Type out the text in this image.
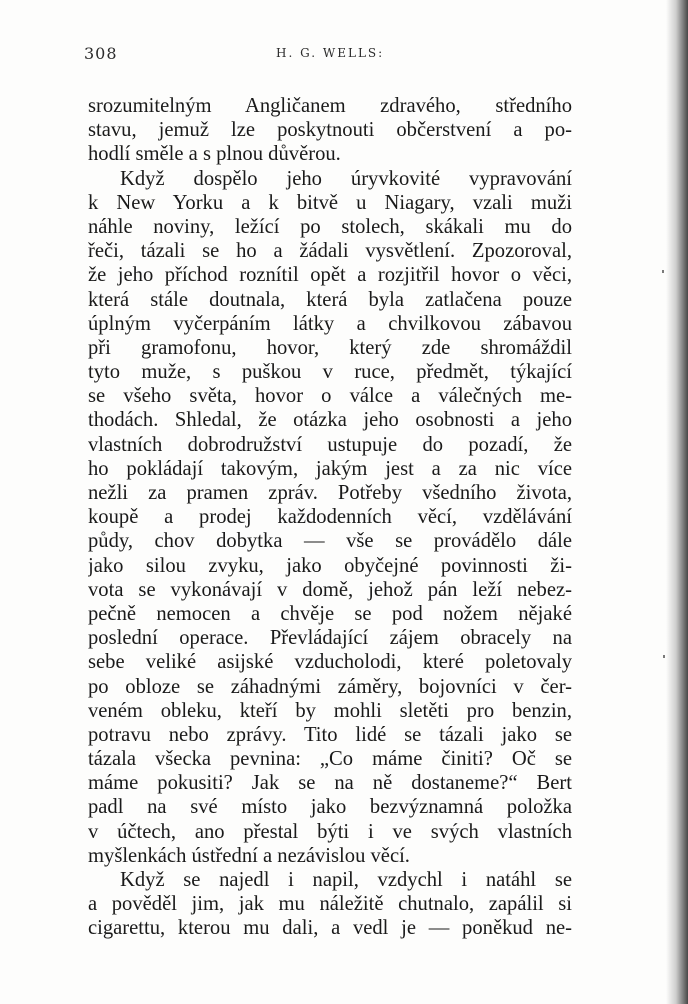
308	H. G. WELLS:
srozumitelným Angličanem zdravého, středního
stavu, jemuž lze poskytnouti občerstvení a po-
hodlí směle a s plnou důvěrou.
Když dospělo jeho úryvkovité vypravování
k New Yorku a k bitvě u Niagary, vzali muži
náhle noviny, ležící po stolech, skákali mu do
řeči, tázali se ho a žádali vysvětlení. Zpozoroval,
že jeho příchod roznítil opět a rozjitřil hovor o věci,
která stále doutnala, která byla zatlačena pouze
úplným vyčerpáním látky a chvilkovou zábavou
při gramofonu, hovor, který zde shromáždil
tyto muže, s puškou v ruce, předmět, týkající
se všeho světa, hovor o válce a válečných me-
thodách. Shledal, že otázka jeho osobnosti a jeho
vlastních dobrodružství ustupuje do pozadí, že
ho pokládají takovým, jakým jest a za nic více
nežli za pramen zpráv. Potřeby všedního života,
koupě a prodej každodenních věcí, vzdělávání
půdy, chov dobytka — vše se provádělo dále
jako silou zvyku, jako obyčejné povinnosti ži-
vota se vykonávají v domě, jehož pán leží nebez-
pečně nemocen a chvěje se pod nožem nějaké
poslední operace. Převládající zájem obracely na
sebe veliké asijské vzducholodi, které poletovaly
po obloze se záhadnými záměry, bojovníci v čer-
veném obleku, kteří by mohli sletěti pro benzin,
potravu nebo zprávy. Tito lidé se tázali jako se
tázala všecka pevnina: „Co máme činiti? Oč se
máme pokusiti? Jak se na ně dostaneme?“ Bert
padl na své místo jako bezvýznamná položka
v účtech, ano přestal býti i ve svých vlastních
myšlenkách ústřední a nezávislou věcí.
Když se najedl i napil, vzdychl i natáhl se
a pověděl jim, jak mu náležitě chutnalo, zapálil si
cigarettu, kterou mu dali, a vedl je — poněkud ne-
